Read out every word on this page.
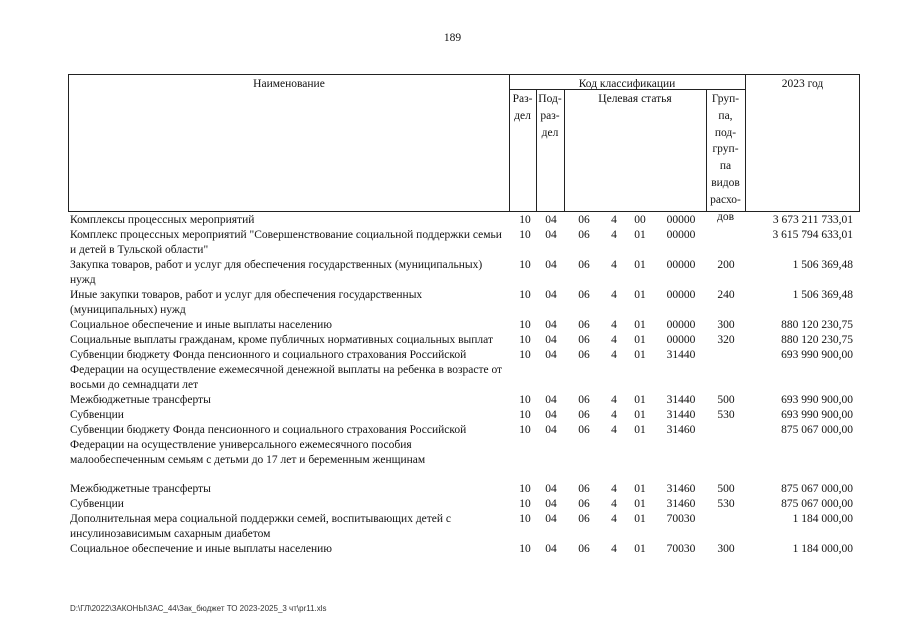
189
Наименование	Код классификации	2023 год
Раз-
дел
Под-
раз-
дел
Целевая статья	Груп-
па,
под-
груп-
па
видов
расхо-
дов
Комплексы процессных мероприятий	10	04	06	4	00	00000	3 673 211 733,01
Комплекс процессных мероприятий "Совершенствование социальной поддержки семьи и детей в Тульской области"
10	04	06	4	01	00000	3 615 794 633,01
Закупка товаров, работ и услуг для обеспечения государственных (муниципальных) нужд
10	04	06	4	01	00000	200	1 506 369,48
Иные закупки товаров, работ и услуг для обеспечения государственных (муниципальных) нужд
10	04	06	4	01	00000	240	1 506 369,48
Социальное обеспечение и иные выплаты населению	10	04	06	4	01	00000	300	880 120 230,75
Социальные выплаты гражданам, кроме публичных нормативных социальных выплат	10	04	06	4	01	00000	320	880 120 230,75
Субвенции бюджету Фонда пенсионного и социального страхования Российской Федерации на осуществление ежемесячной денежной выплаты на ребенка в возрасте от восьми до семнадцати лет
10	04	06	4	01	31440	693 990 900,00
Межбюджетные трансферты	10	04	06	4	01	31440	500	693 990 900,00
Субвенции	10	04	06	4	01	31440	530	693 990 900,00
Субвенции бюджету Фонда пенсионного и социального страхования Российской Федерации на осуществление универсального ежемесячного пособия малообеспеченным семьям с детьми до 17 лет и беременным женщинам
10	04	06	4	01	31460	875 067 000,00
Межбюджетные трансферты	10	04	06	4	01	31460	500	875 067 000,00
Субвенции	10	04	06	4	01	31460	530	875 067 000,00
Дополнительная мера социальной поддержки семей, воспитывающих детей с инсулинозависимым сахарным диабетом
10	04	06	4	01	70030	1 184 000,00
Социальное обеспечение и иные выплаты населению	10	04	06	4	01	70030	300	1 184 000,00
D:\ГЛ\2022\ЗАКОНЫ\ЗАС_44\Зак_бюджет ТО 2023-2025_3 чт\pr11.xls
